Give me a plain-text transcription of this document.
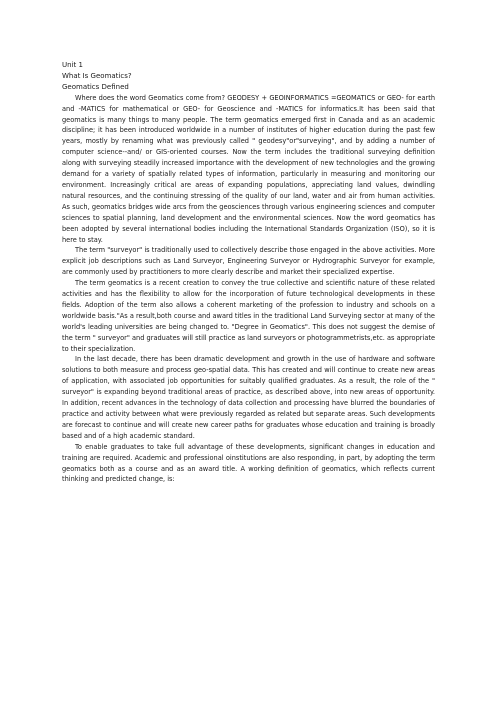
Unit 1

What Is Geomatics?

Geomatics Defined

Where does the word Geomatics come from? GEODESY + GEOINFORMATICS =GEOMATICS or GEO- for earth and -MATICS for mathematical or GEO- for Geoscience and -MATICS for informatics.It has been said that geomatics is many things to many people. The term geomatics emerged first in Canada and as an academic discipline; it has been introduced worldwide in a number of institutes of higher education during the past few years, mostly by renaming what was previously called " geodesy"or"surveying", and by adding a number of computer science--and/ or GIS-oriented courses. Now the term includes the traditional surveying definition along with surveying steadily increased importance with the development of new technologies and the growing demand for a variety of spatially related types of information, particularly in measuring and monitoring our environment. Increasingly critical are areas of expanding populations, appreciating land values, dwindling natural resources, and the continuing stressing of the quality of our land, water and air from human activities. As such, geomatics bridges wide arcs from the geosciences through various engineering sciences and computer sciences to spatial planning, land development and the environmental sciences. Now the word geomatics has been adopted by several international bodies including the International Standards Organization (ISO), so it is here to stay.

The term "surveyor" is traditionally used to collectively describe those engaged in the above activities. More explicit job descriptions such as Land Surveyor, Engineering Surveyor or Hydrographic Surveyor for example, are commonly used by practitioners to more clearly describe and market their specialized expertise.

The term geomatics is a recent creation to convey the true collective and scientific nature of these related activities and has the flexibility to allow for the incorporation of future technological developments in these fields. Adoption of the term also allows a coherent marketing of the profession to industry and schools on a worldwide basis."As a result,both course and award titles in the traditional Land Surveying sector at many of the world's leading universities are being changed to. "Degree in Geomatics". This does not suggest the demise of the term " surveyor" and graduates will still practice as land surveyors or photogrammetrists,etc. as appropriate to their specialization.

In the last decade, there has been dramatic development and growth in the use of hardware and software solutions to both measure and process geo-spatial data. This has created and will continue to create new areas of application, with associated job opportunities for suitably qualified graduates. As a result, the role of the " surveyor" is expanding beyond traditional areas of practice, as described above, into new areas of opportunity. In addition, recent advances in the technology of data collection and processing have blurred the boundaries of practice and activity between what were previously regarded as related but separate areas. Such developments are forecast to continue and will create new career paths for graduates whose education and training is broadly based and of a high academic standard.

To enable graduates to take full advantage of these developments, significant changes in education and training are required. Academic and professional oinstitutions are also responding, in part, by adopting the term geomatics both as a course and as an award title. A working definition of geomatics, which reflects current thinking and predicted change, is:
